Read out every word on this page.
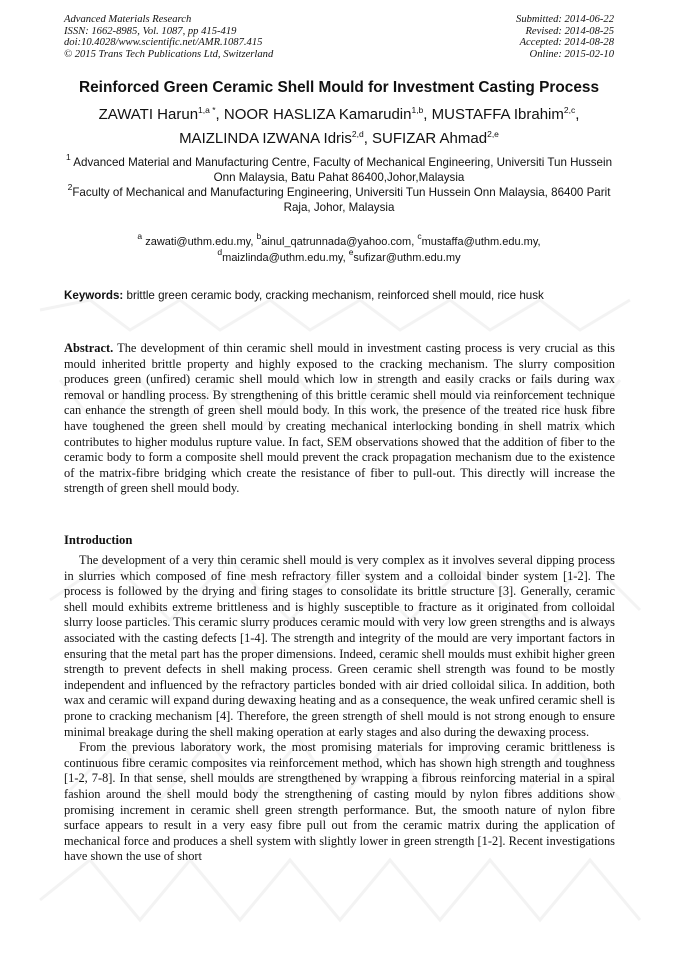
Advanced Materials Research
ISSN: 1662-8985, Vol. 1087, pp 415-419
doi:10.4028/www.scientific.net/AMR.1087.415
© 2015 Trans Tech Publications Ltd, Switzerland
Submitted: 2014-06-22
Revised: 2014-08-25
Accepted: 2014-08-28
Online: 2015-02-10
Reinforced Green Ceramic Shell Mould for Investment Casting Process
ZAWATI Harun$^{1,a *}$, NOOR HASLIZA Kamarudin$^{1,b}$, MUSTAFFA Ibrahim$^{2,c}$,
MAIZLINDA IZWANA Idris$^{2,d}$, SUFIZAR Ahmad$^{2,e}$

$^1$ Advanced Material and Manufacturing Centre, Faculty of Mechanical Engineering, Universiti Tun Hussein Onn Malaysia, Batu Pahat 86400,Johor,Malaysia

$^2$Faculty of Mechanical and Manufacturing Engineering, Universiti Tun Hussein Onn Malaysia, 86400 Parit Raja, Johor, Malaysia

$^a$ zawati@uthm.edu.my, $^b$ainul_qatrunnada@yahoo.com, $^c$mustaffa@uthm.edu.my,
$^d$maizlinda@uthm.edu.my, $^e$sufizar@uthm.edu.my
Keywords: brittle green ceramic body, cracking mechanism, reinforced shell mould, rice husk

Abstract. The development of thin ceramic shell mould in investment casting process is very crucial as this mould inherited brittle property and highly exposed to the cracking mechanism. The slurry composition produces green (unfired) ceramic shell mould which low in strength and easily cracks or fails during wax removal or handling process. By strengthening of this brittle ceramic shell mould via reinforcement technique can enhance the strength of green shell mould body. In this work, the presence of the treated rice husk fibre have toughened the green shell mould by creating mechanical interlocking bonding in shell matrix which contributes to higher modulus rupture value. In fact, SEM observations showed that the addition of fiber to the ceramic body to form a composite shell mould prevent the crack propagation mechanism due to the existence of the matrix-fibre bridging which create the resistance of fiber to pull-out. This directly will increase the strength of green shell mould body.

Introduction

The development of a very thin ceramic shell mould is very complex as it involves several dipping process in slurries which composed of fine mesh refractory filler system and a colloidal binder system [1-2]. The process is followed by the drying and firing stages to consolidate its brittle structure [3]. Generally, ceramic shell mould exhibits extreme brittleness and is highly susceptible to fracture as it originated from colloidal slurry loose particles. This ceramic slurry produces ceramic mould with very low green strengths and is always associated with the casting defects [1-4]. The strength and integrity of the mould are very important factors in ensuring that the metal part has the proper dimensions. Indeed, ceramic shell moulds must exhibit higher green strength to prevent defects in shell making process. Green ceramic shell strength was found to be mostly independent and influenced by the refractory particles bonded with air dried colloidal silica. In addition, both wax and ceramic will expand during dewaxing heating and as a consequence, the weak unfired ceramic shell is prone to cracking mechanism [4]. Therefore, the green strength of shell mould is not strong enough to ensure minimal breakage during the shell making operation at early stages and also during the dewaxing process.

From the previous laboratory work, the most promising materials for improving ceramic brittleness is continuous fibre ceramic composites via reinforcement method, which has shown high strength and toughness [1-2, 7-8]. In that sense, shell moulds are strengthened by wrapping a fibrous reinforcing material in a spiral fashion around the shell mould body the strengthening of casting mould by nylon fibres additions show promising increment in ceramic shell green strength performance. But, the smooth nature of nylon fibre surface appears to result in a very easy fibre pull out from the ceramic matrix during the application of mechanical force and produces a shell system with slightly lower in green strength [1-2]. Recent investigations have shown the use of short
